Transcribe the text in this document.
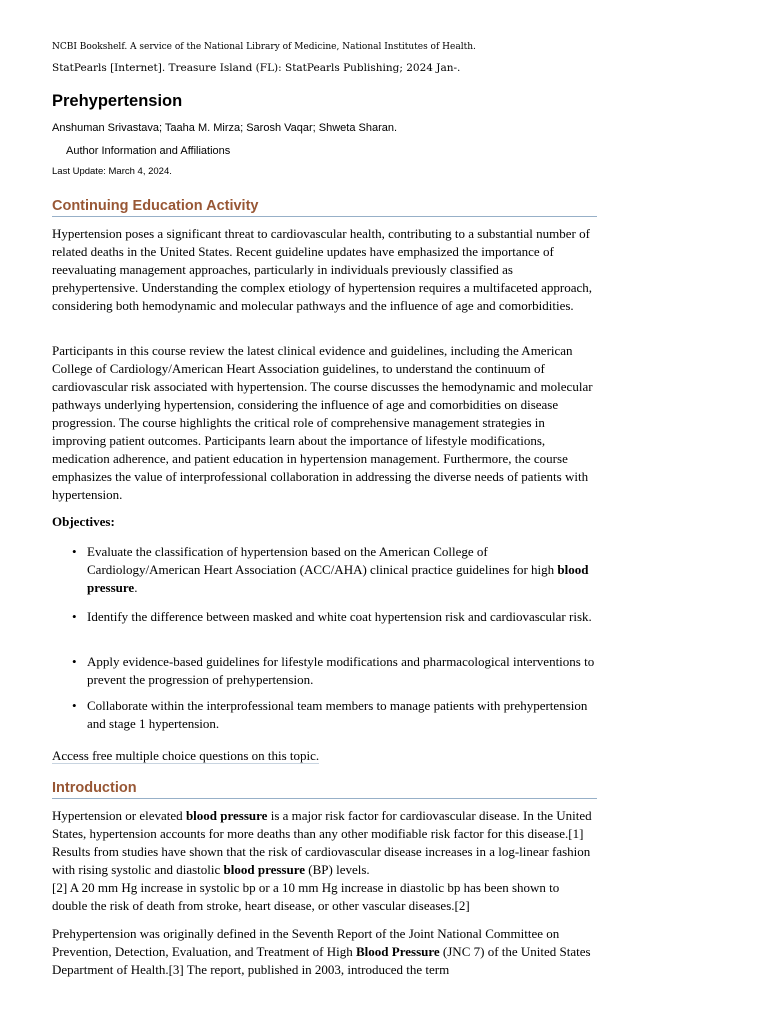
NCBI Bookshelf. A service of the National Library of Medicine, National Institutes of Health.
StatPearls [Internet]. Treasure Island (FL): StatPearls Publishing; 2024 Jan-.
Prehypertension
Anshuman Srivastava; Taaha M. Mirza; Sarosh Vaqar; Shweta Sharan.
Author Information and Affiliations
Last Update: March 4, 2024.
Continuing Education Activity

Hypertension poses a significant threat to cardiovascular health, contributing to a substantial number of related deaths in the United States. Recent guideline updates have emphasized the importance of reevaluating management approaches, particularly in individuals previously classified as prehypertensive. Understanding the complex etiology of hypertension requires a multifaceted approach, considering both hemodynamic and molecular pathways and the influence of age and comorbidities.

Participants in this course review the latest clinical evidence and guidelines, including the American College of Cardiology/American Heart Association guidelines, to understand the continuum of cardiovascular risk associated with hypertension. The course discusses the hemodynamic and molecular pathways underlying hypertension, considering the influence of age and comorbidities on disease progression. The course highlights the critical role of comprehensive management strategies in improving patient outcomes. Participants learn about the importance of lifestyle modifications, medication adherence, and patient education in hypertension management. Furthermore, the course emphasizes the value of interprofessional collaboration in addressing the diverse needs of patients with hypertension.

Objectives:
• Evaluate the classification of hypertension based on the American College of Cardiology/American Heart Association (ACC/AHA) clinical practice guidelines for high blood pressure.
• Identify the difference between masked and white coat hypertension risk and cardiovascular risk.
• Apply evidence-based guidelines for lifestyle modifications and pharmacological interventions to prevent the progression of prehypertension.
• Collaborate within the interprofessional team members to manage patients with prehypertension and stage 1 hypertension.
Access free multiple choice questions on this topic.
Introduction

Hypertension or elevated blood pressure is a major risk factor for cardiovascular disease. In the United States, hypertension accounts for more deaths than any other modifiable risk factor for this disease.[1] Results from studies have shown that the risk of cardiovascular disease increases in a log-linear fashion with rising systolic and diastolic blood pressure (BP) levels.
[2] A 20 mm Hg increase in systolic bp or a 10 mm Hg increase in diastolic bp has been shown to double the risk of death from stroke, heart disease, or other vascular diseases.[2]

Prehypertension was originally defined in the Seventh Report of the Joint National Committee on Prevention, Detection, Evaluation, and Treatment of High Blood Pressure (JNC 7) of the United States Department of Health.[3] The report, published in 2003, introduced the term
